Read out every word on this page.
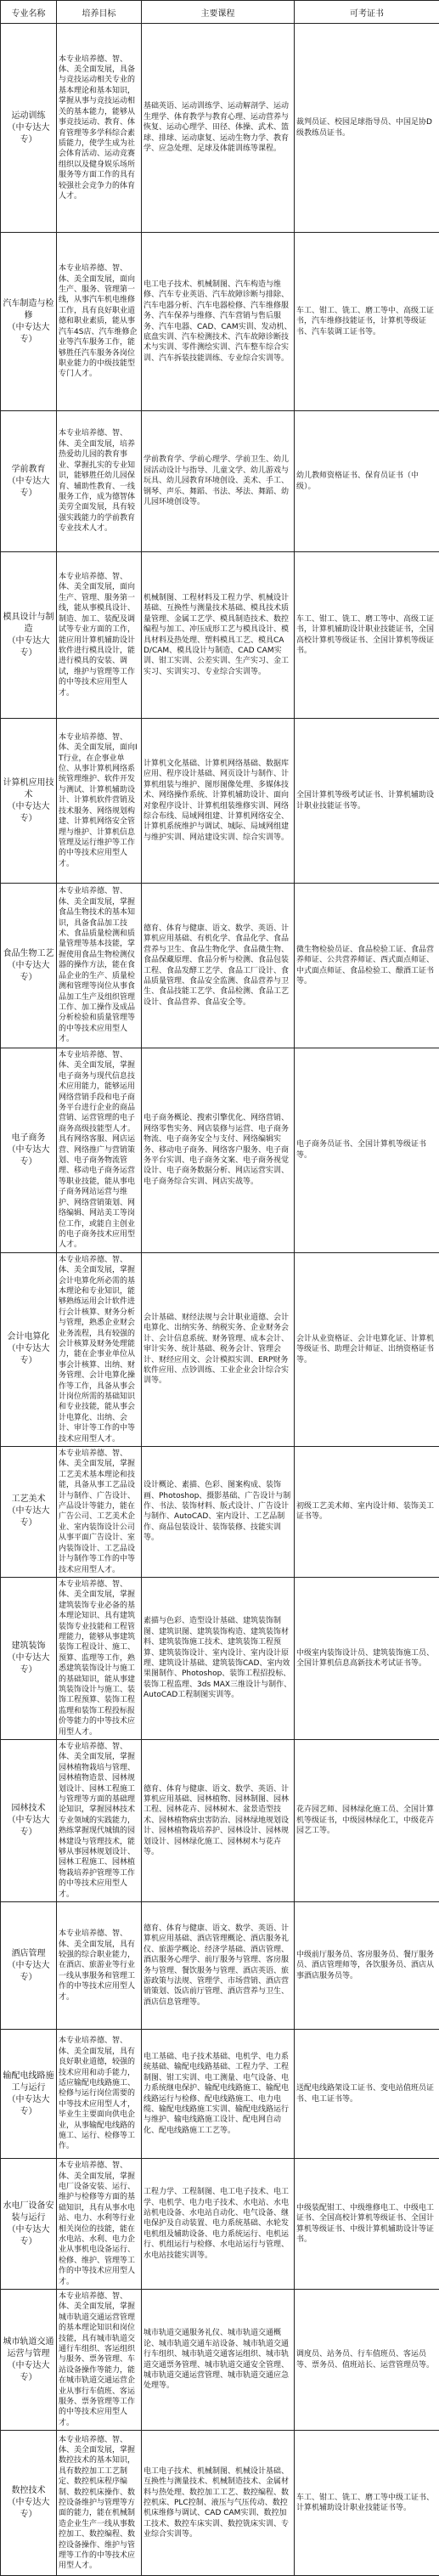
专业名称	培养目标	主要课程	可考证书

运动训练
（中专达大专）	本专业培养德、智、体、美全面发展，具备与竞技运动相关专业的基本理论和基本知识，掌握从事与竞技运动相关的基本能力，能够从事竞技运动、教育、体育管理等多学科综合素质能力，使学生成为社会体育活动、运动竞赛组织以及健身娱乐场所服务等方面工作的具有较强社会竞争力的体育人才。	基础英语、运动训练学、运动解剖学、运动生理学、体育教学与教育心理、运动营养与恢复、运动心理学、田径、体操、武术、篮球、排球、运动康复、运动生物力学、教育学、应急处理、足球及体能训练等课程。	裁判员证、校园足球指导员、中国足协D级教练员证书。

汽车制造与检修
（中专达大专）	本专业培养德、智、体、美全面发展，面向生产、服务、管理第一线，从事汽车机电维修工作，具有良好职业道德和职业素质，能从事汽车4S店、汽车维修企业等汽车服务工作，能够胜任汽车服务各岗位职业能力的中级技能型专门人才。	电工电子技术、机械制图、汽车构造与维修、汽车专业英语、汽车故障诊断与排除、汽车电器分析、汽车电器检修、汽车维修服务、汽车保养与维修、汽车营销与售后服务、汽车电器、CAD、CAM实训、发动机、底盘实训、汽车检测技术、汽车故障诊断技术与实训、零件测绘实训、汽车整车综合实训、汽车拆装技能训练、专业综合实训等。	车工、钳工、铣工、磨工等中、高级工证书，汽车维修技能证书，计算机等级证书、汽车装调工证书等。

学前教育
（中专达大专）	本专业培养德、智、体、美全面发展，培养热爱幼儿园的教育事业、掌握扎实的专业知识，能够胜任幼儿园保育、辅助性教育、一线服务工作，成为德智体美劳全面发展，具有较强实践能力的学前教育专业技术人才。	学前教育学、学前心理学、学前卫生、幼儿园活动设计与指导、儿童文学、幼儿游戏与玩具、幼儿园教育环境创设、美术、手工、钢琴、声乐、舞蹈、书法、琴法、舞蹈、幼儿园环境创设等。	幼儿教师资格证书、保育员证书（中级）。

模具设计与制造
（中专达大专）	本专业培养德、智、体、美全面发展，面向生产、管理、服务第一线，能从事模具设计、制造、加工、装配及调试等专业方面的工作，能应用计算机辅助设计软件进行模具设计，能进行模具的安装、调试，维护与管理等工作的中等技术应用型人才。	机械制图、工程材料及工程力学、机械设计基础、互换性与测量技术基础、模具技术质量管理、金属工艺学、模具制造技术、数控编程与加工、冲压成形工艺与模具设计、模具材料及热处理、塑料模具工艺、模具CAD/CAM、模具设计与制造、CAD CAM实训、钳工实训、公差实训、生产实习、金工实习、实训实习、专业综合实训等。	车工、钳工、铣工、磨工等中、高级工证书，计算机辅助设计职业技能证书，全国高校计算机等级证书、全国计算机等级证书。

计算机应用技术
（中专达大专）	本专业培养德、智、体、美全面发展，面向IT行业，在企事业单位、从事计算机网络系统管理维护、软件开发与测试、计算机辅助设计、计算机软件营销及技术服务、网络规划构建、计算机网络安全管理与维护、计算机信息管理及运行维护等工作的中等技术应用型人才。	计算机文化基础、计算机网络基础、数据库应用、程序设计基础、网页设计与制作、计算机组装与维护、图形图像处理、多媒体技术、网络操作系统、计算机辅助设计、面向对象程序设计、计算机组装维修实训、网络综合布线、局域网组建、计算机网络安全、计算机系统维护与调试、城际、局域网组建与维护实训、网站建设实训、综合实训等。	全国计算机等级考试证书、计算机辅助设计职业技能证书等。

食品生物工艺
（中专达大专）	本专业培养德、智、体、美全面发展，掌握食品生物技术的基本知识，具备食品加工技术、食品质量检测和质量管理等基本技能，掌握使用食品生物检测仪器的操作方法，能在食品企业的生产、质量检测和管理等岗位从事食品加工生产及组织管理工作、加工操作及成品分析检验和质量管理等的中等技术应用型人才。	德育、体育与健康、语文、数学、英语、计算机应用基础、有机化学、食品化学、食品营养与卫生、食品生物化学、食品微生物、食品保藏原理、食品分析与检测、食品包装工程、食品发酵工艺学、食品工厂设计、食品质量管理、食品安全监测、食品营养与卫生、食品技能工艺学、食品检测、食品工艺设计、食品营养、食品安全等。	微生物检验员证、食品检验工证、食品营养师证、公共营养师证、西式面点师证、中式面点师证、食品检验工、酿酒工证书等。

电子商务
（中专达大专）	本专业培养德、智、体、美全面发展，掌握电子商务与现代信息技术应用能力，能够运用网络营销手段和电子商务平台进行企业的商品营销、运营管理的电子商务高级技能型人才。具有网络客服、网店运营、网络推广与营销策划、电子商务物流管理、移动电子商务运营等职业技能，能从事电子商务网站运营与维护、网络营销策划、网络编辑、网站美工等岗位工作，或能自主创业的电子商务技术应用型人才。	电子商务概论、搜索引擎优化、网络营销、网络零售实务、网店装修与运营、电子商务物流、电子商务安全与支付、网络编辑实务、移动电子商务、网络客户服务、电子商务平台实训、电子商务文案、电子商务视觉设计、电子商务数据分析、网店运营实训、电子商务综合实训、网店实战等。	电子商务员证书、全国计算机等级证书等。

会计电算化
（中专达大专）	本专业培养德、智、体、美全面发展，掌握会计电算化所必需的基本理论和专业知识，能够熟练运用会计软件进行会计核算、财务分析与管理，熟悉企业财会业务流程，具有较强的会计核算及财务处理能力，能在企事业单位从事会计核算、出纳、财务管理、会计电算化操作等工作，具备从事会计岗位所需的基础知识和专业技能，能从事会计电算化、出纳、会计、审计等工作的中等技术应用型人才。	会计基础、财经法规与会计职业道德、会计电算化、出纳实务、纳税实务、企业财务会计、会计信息系统、财务管理、成本会计、审计实务、统计基础、税务会计、管理会计、财经应用文、会计模拟实训、ERP财务软件应用、点钞训练、工业企业会计综合实训等。	会计从业资格证、会计电算化证、计算机等级证书、助理会计师证、出纳资格证书等。

工艺美术
（中专达大专）	本专业培养德、智、体、美全面发展，掌握工艺美术基本理论和技能，具备从事工艺品设计与制作、广告设计、产品设计等能力，能在广告公司、工艺美术企业、室内装饰设计公司从事平面广告设计、室内装饰设计、工艺品设计与制作等工作的中等技术应用型人才。	设计概论、素描、色彩、图案构成、装饰画、Photoshop、摄影基础、广告设计与制作、书法、装饰材料、版式设计、广告设计与制作、AutoCAD、室内设计、工艺品制作、商品包装设计、装饰装修、技能实训等。	初级工艺美术师、室内设计师、装饰美工证书等。

建筑装饰
（中专达大专）	本专业培养德、智、体、美全面发展，掌握建筑装饰专业必备的基本理论知识、具有建筑装饰专业技能和工程管理能力，能够从事建筑装饰工程设计、施工、预算、监理等工作，熟悉建筑装饰设计与施工的基础知识，能从事建筑装饰设计与施工、装饰工程预算、装饰工程监理和装饰工程投标报价等能力的中等技术应用型人才。	素描与色彩、造型设计基础、建筑装饰制图、建筑识图、建筑装饰构造、建筑装饰材料、建筑装饰施工技术、建筑装饰工程预算、建筑装饰设计、室内设计、室内设计原理、建筑设计基础、建筑装饰CAD、室内效果图制作、Photoshop、装饰工程招投标、装饰工程监理、3ds MAX三维设计与制作、AutoCAD工程制图实训等。	中级室内装饰设计员、建筑装饰施工员、全国计算机信息高新技术考试证书等。

园林技术
（中专达大专）	本专业培养德、智、体、美全面发展，掌握园林植物栽培与管理、园林植物造景、园林规划设计、园林工程施工与管理等方面的基础理论知识，掌握园林技术专业领域的实践能力，熟练掌握现代城镇的园林建设与管理技术，能够从事园林规划设计、园林工程施工、园林植物栽培养护管理等工作的中等技术应用型人才。	德育、体育与健康、语文、数学、英语、计算机应用基础、园林植物、园林制图、园林工程、园林花卉、园林树木、盆景造型技术、园林植物病虫害防治、园林绿地规划设计、园林植物栽培养护、园林设计、园林规划设计、园林绿化施工、园林树木与花卉等。	花卉园艺师、园林绿化施工员、全国计算机等级证书，中级园林绿化工，中级花卉园艺工等。

酒店管理
（中专达大专）	本专业培养德、智、体、美全面发展，具有较强的综合职业能力，在酒店、旅游业等行业一线从事服务和管理工作的中等技术应用型人才。	德育、体育与健康、语文、数学、英语、计算机应用基础、酒店管理概论、酒店服务礼仪、旅游学概论、经济学基础、酒店管理、酒店服务心理学、前厅服务与管理、客房服务与管理、餐饮服务与管理、酒店英语、旅游政策与法规、管理学、市场营销、酒店营销策划、饭店前厅管理、酒店营养与卫生、酒店信息管理等。	中级前厅服务员、客房服务员、餐厅服务员、酒店管理师等，各饮服务员、酒店从事酒店服务员等。

输配电线路施工与运行
（中专达大专）	本专业培养德、智、体、美全面发展，具有良好职业道德，较强的技术应用和动手能力，适应输配电线路施工、检修与运行岗位需要的中等技术应用型人才，毕业生主要面向供电企业，从事输配电线路的施工、运行、检修等工作。	电工基础、电子技术基础、电机学、电力系统基础、输配电线路基础、工程力学、工程制图、钳工实训、电工测量、电气设备、电力系统继电保护、输配电线路施工、输配电线路运行与检修、配电线路施工、电力电缆、输配电线路施工实训、输配电线路运行与维护、输电线路施工设计、配电网自动化、配电线路施工工艺等。	送配电线路架设工证书、变电站值班员证书、电工证书等。

水电厂设备安装与运行
（中专达大专）	本专业培养德、智、体、美全面发展，掌握电厂设备安装、运行、维护与检修等方面的基础知识，具有从事水电站、电力、水利等行业相关岗位的技能，能在水电站、水利、电力企业从事机电设备运行、检修、维护、管理等工作的中等技术应用型人才。	工程力学、工程制图、电工电子技术、电工学、电机学、电力电子技术、水电站、水电站机电设备、水电站自动化、电气设备、继电保护及自动装置、电力系统基础、水轮发电机组及辅助设备、电力系统运行、电机运行、机组运行与检修、水电站运行与管理、水电站技能实训等。	中级装配钳工、中级维修电工、中级电工证书、全国高校计算机等级证书、全国计算机等级证书、中级计算机辅助设计等证书。

城市轨道交通运营与管理
（中专达大专）	本专业培养德、智、体、美全面发展，掌握城市轨道交通运营管理的基本理论知识和岗位技能，具有城市轨道交通行车组织、客运组织与服务、票务管理、车站设备操作等能力，能在城市轨道交通运营企业从事行车值班、客运服务、票务管理等工作的中等技术应用型人才。	城市轨道交通服务礼仪、城市轨道交通概论、城市轨道交通车站设备、城市轨道交通行车组织、城市轨道交通客运组织、城市轨道交通票务管理、城市轨道交通安全管理、城市轨道交通运营管理、城市轨道交通应急处理等。	调度员、站务员、行车值班员、客运员等、票务员、值班站长、运营管理员等。

数控技术
（中专达大专）	本专业培养德、智、体、美全面发展，掌握数控技术的基本知识，具有数控加工工艺制定、数控机床程序编制、数控机床操作、数控设备维护与管理等方面的能力，能在机械制造企业生产一线从事数控加工、数控编程、数控设备操作、维护与管理等工作的中等技术应用型人才。	电工电子技术、机械制图、机械设计基础、互换性与测量技术、机械制造技术、金属材料与热处理、数控加工工艺、数控编程、数控机床、PLC控制、液压与气压传动、数控机床维修与调试、CAD CAM实训、数控加工技术、数控车床实训、数控铣床实训、专业综合实训等。	车工、钳工、铣工、磨工等中级工证书、计算机辅助设计职业技能证书等。
